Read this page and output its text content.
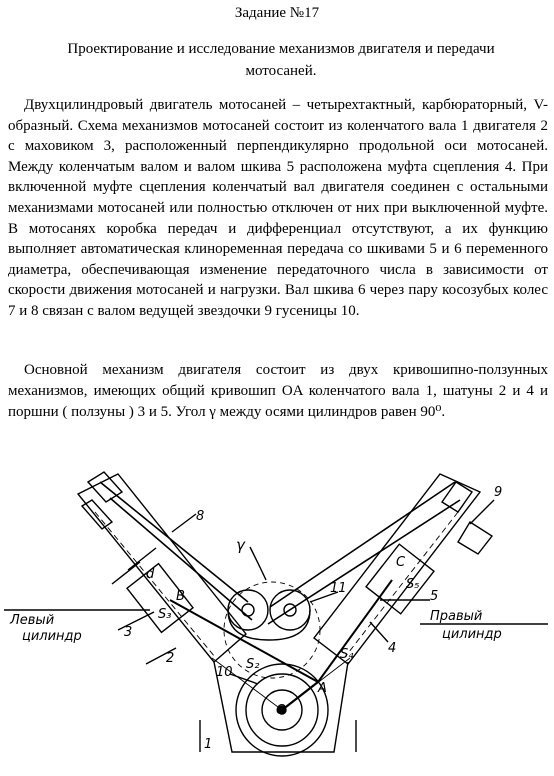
Задание №17
Проектирование и исследование механизмов двигателя и передачи мотосаней.
Двухцилиндровый двигатель мотосаней – четырехтактный, карбюраторный, V-образный. Схема механизмов мотосаней состоит из коленчатого вала 1 двигателя 2 с маховиком 3, расположенный перпендикулярно продольной оси мотосаней. Между коленчатым валом и валом шкива 5 расположена муфта сцепления 4. При включенной муфте сцепления коленчатый вал двигателя соединен с остальными механизмами мотосаней или полностью отключен от них при выключенной муфте. В мотосанях коробка передач и дифференциал отсутствуют, а их функцию выполняет автоматическая клиноременная передача со шкивами 5 и 6 переменного диаметра, обеспечивающая изменение передаточного числа в зависимости от скорости движения мотосаней и нагрузки. Вал шкива 6 через пару косозубых колес 7 и 8 связан с валом ведущей звездочки 9 гусеницы 10.
Основной механизм двигателя состоит из двух кривошипно-ползунных механизмов, имеющих общий кривошип OA коленчатого вала 1, шатуны 2 и 4 и поршни ( ползуны ) 3 и 5. Угол γ между осями цилиндров равен 90⁰.
Левый
цилиндр
Правый
цилиндр
γ
d
B
C
A
O
S₃
S₅
S₂
S₄
1
2
3
4
5
8
9
10
11
